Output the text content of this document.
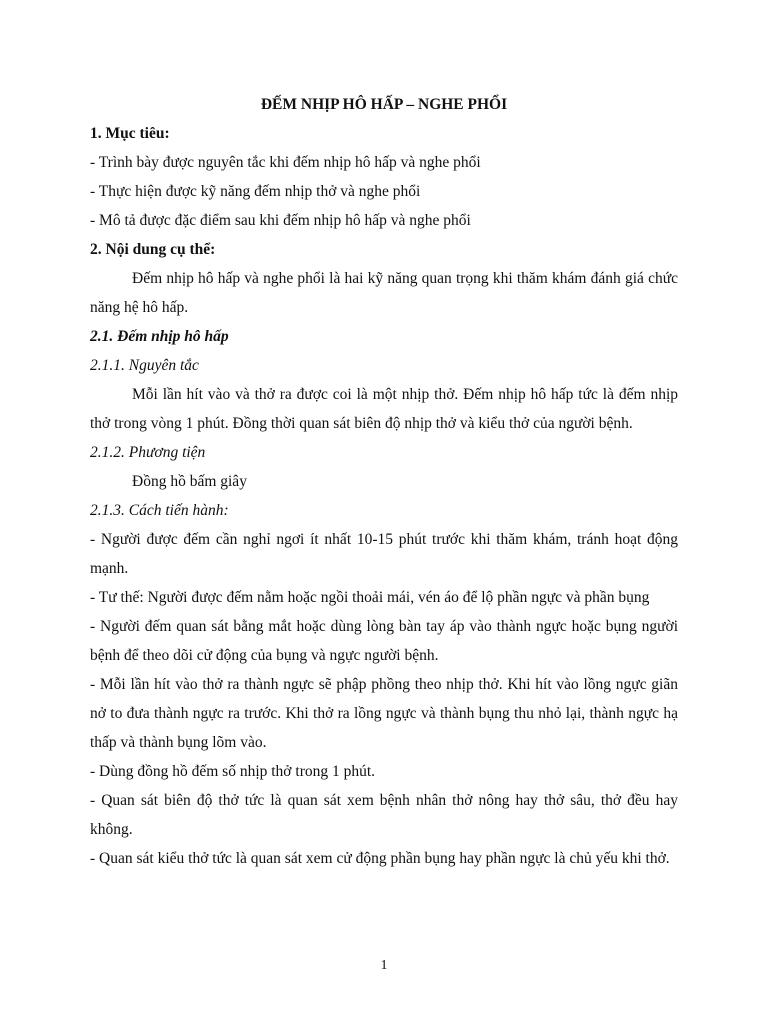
ĐẾM NHỊP HÔ HẤP – NGHE PHỔI

1. Mục tiêu:

- Trình bày được nguyên tắc khi đếm nhịp hô hấp và nghe phổi

- Thực hiện được kỹ năng đếm nhịp thở và nghe phổi

- Mô tả được đặc điểm sau khi đếm nhịp hô hấp và nghe phổi

2. Nội dung cụ thể:

Đếm nhịp hô hấp và nghe phổi là hai kỹ năng quan trọng khi thăm khám đánh giá chức năng hệ hô hấp.

2.1. Đếm nhịp hô hấp

2.1.1. Nguyên tắc

Mỗi lần hít vào và thở ra được coi là một nhịp thở. Đếm nhịp hô hấp tức là đếm nhịp thở trong vòng 1 phút. Đồng thời quan sát biên độ nhịp thở và kiểu thở của người bệnh.

2.1.2. Phương tiện

Đồng hồ bấm giây

2.1.3. Cách tiến hành:

- Người được đếm cần nghỉ ngơi ít nhất 10-15 phút trước khi thăm khám, tránh hoạt động mạnh.

- Tư thế: Người được đếm nằm hoặc ngồi thoải mái, vén áo để lộ phần ngực và phần bụng

- Người đếm quan sát bằng mắt hoặc dùng lòng bàn tay áp vào thành ngực hoặc bụng người bệnh để theo dõi cử động của bụng và ngực người bệnh.

- Mỗi lần hít vào thở ra thành ngực sẽ phập phồng theo nhịp thở. Khi hít vào lồng ngực giãn nở to đưa thành ngực ra trước. Khi thở ra lồng ngực và thành bụng thu nhỏ lại, thành ngực hạ thấp và thành bụng lõm vào.

- Dùng đồng hồ đếm số nhịp thở trong 1 phút.

- Quan sát biên độ thở tức là quan sát xem bệnh nhân thở nông hay thở sâu, thở đều hay không.

- Quan sát kiểu thở tức là quan sát xem cử động phần bụng hay phần ngực là chủ yếu khi thở.

1
